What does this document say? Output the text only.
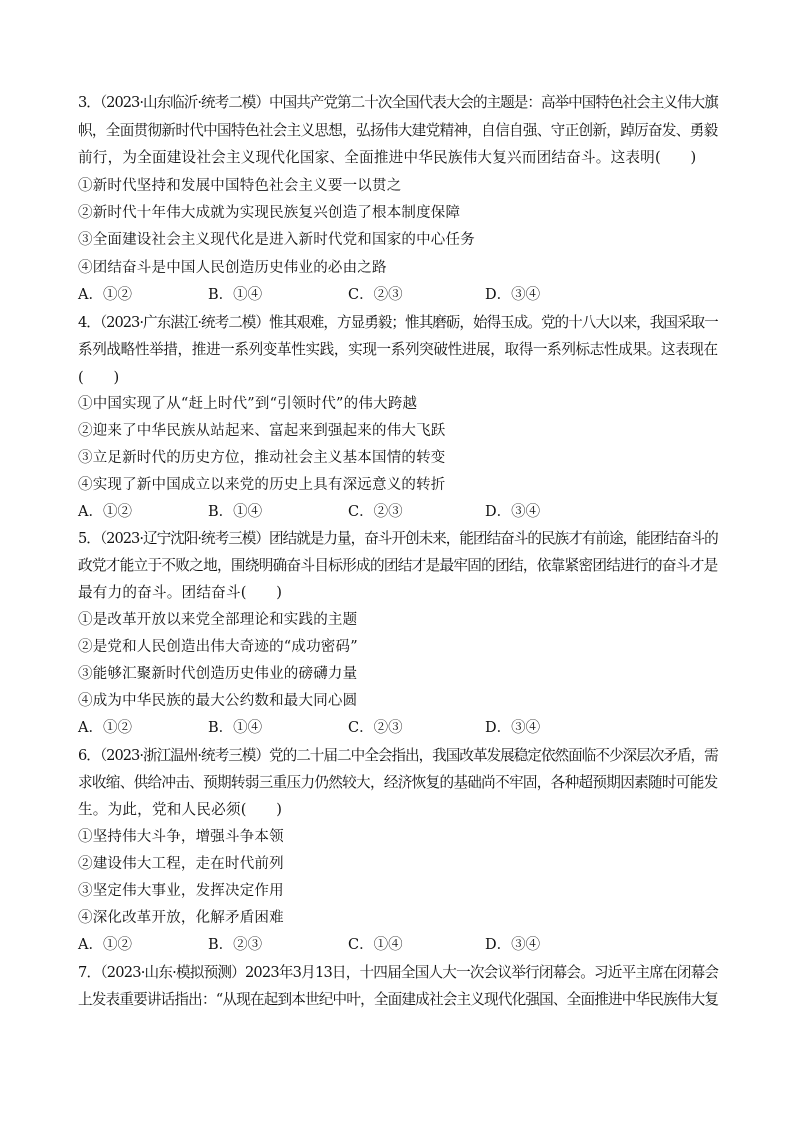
3．（2023·山东临沂·统考二模）中国共产党第二十次全国代表大会的主题是：高举中国特色社会主义伟大旗
帜，全面贯彻新时代中国特色社会主义思想，弘扬伟大建党精神，自信自强、守正创新，踔厉奋发、勇毅
前行，为全面建设社会主义现代化国家、全面推进中华民族伟大复兴而团结奋斗。这表明(　　)
①新时代坚持和发展中国特色社会主义要一以贯之
②新时代十年伟大成就为实现民族复兴创造了根本制度保障
③全面建设社会主义现代化是进入新时代党和国家的中心任务
④团结奋斗是中国人民创造历史伟业的必由之路
A．①②	B．①④	C．②③	D．③④
4．（2023·广东湛江·统考二模）惟其艰难，方显勇毅；惟其磨砺，始得玉成。党的十八大以来，我国采取一
系列战略性举措，推进一系列变革性实践，实现一系列突破性进展，取得一系列标志性成果。这表现在
(　　)
①中国实现了从“赶上时代”到“引领时代”的伟大跨越
②迎来了中华民族从站起来、富起来到强起来的伟大飞跃
③立足新时代的历史方位，推动社会主义基本国情的转变
④实现了新中国成立以来党的历史上具有深远意义的转折
A．①②	B．①④	C．②③	D．③④
5．（2023·辽宁沈阳·统考三模）团结就是力量，奋斗开创未来，能团结奋斗的民族才有前途，能团结奋斗的
政党才能立于不败之地，围绕明确奋斗目标形成的团结才是最牢固的团结，依靠紧密团结进行的奋斗才是
最有力的奋斗。团结奋斗(　　)
①是改革开放以来党全部理论和实践的主题
②是党和人民创造出伟大奇迹的“成功密码”
③能够汇聚新时代创造历史伟业的磅礴力量
④成为中华民族的最大公约数和最大同心圆
A．①②	B．①④	C．②③	D．③④
6．（2023·浙江温州·统考三模）党的二十届二中全会指出，我国改革发展稳定依然面临不少深层次矛盾，需
求收缩、供给冲击、预期转弱三重压力仍然较大，经济恢复的基础尚不牢固，各种超预期因素随时可能发
生。为此，党和人民必须(　　)
①坚持伟大斗争，增强斗争本领
②建设伟大工程，走在时代前列
③坚定伟大事业，发挥决定作用
④深化改革开放，化解矛盾困难
A．①②	B．②③	C．①④	D．③④
7．（2023·山东·模拟预测）2023年3月13日，十四届全国人大一次会议举行闭幕会。习近平主席在闭幕会
上发表重要讲话指出：“从现在起到本世纪中叶，全面建成社会主义现代化强国、全面推进中华民族伟大复
